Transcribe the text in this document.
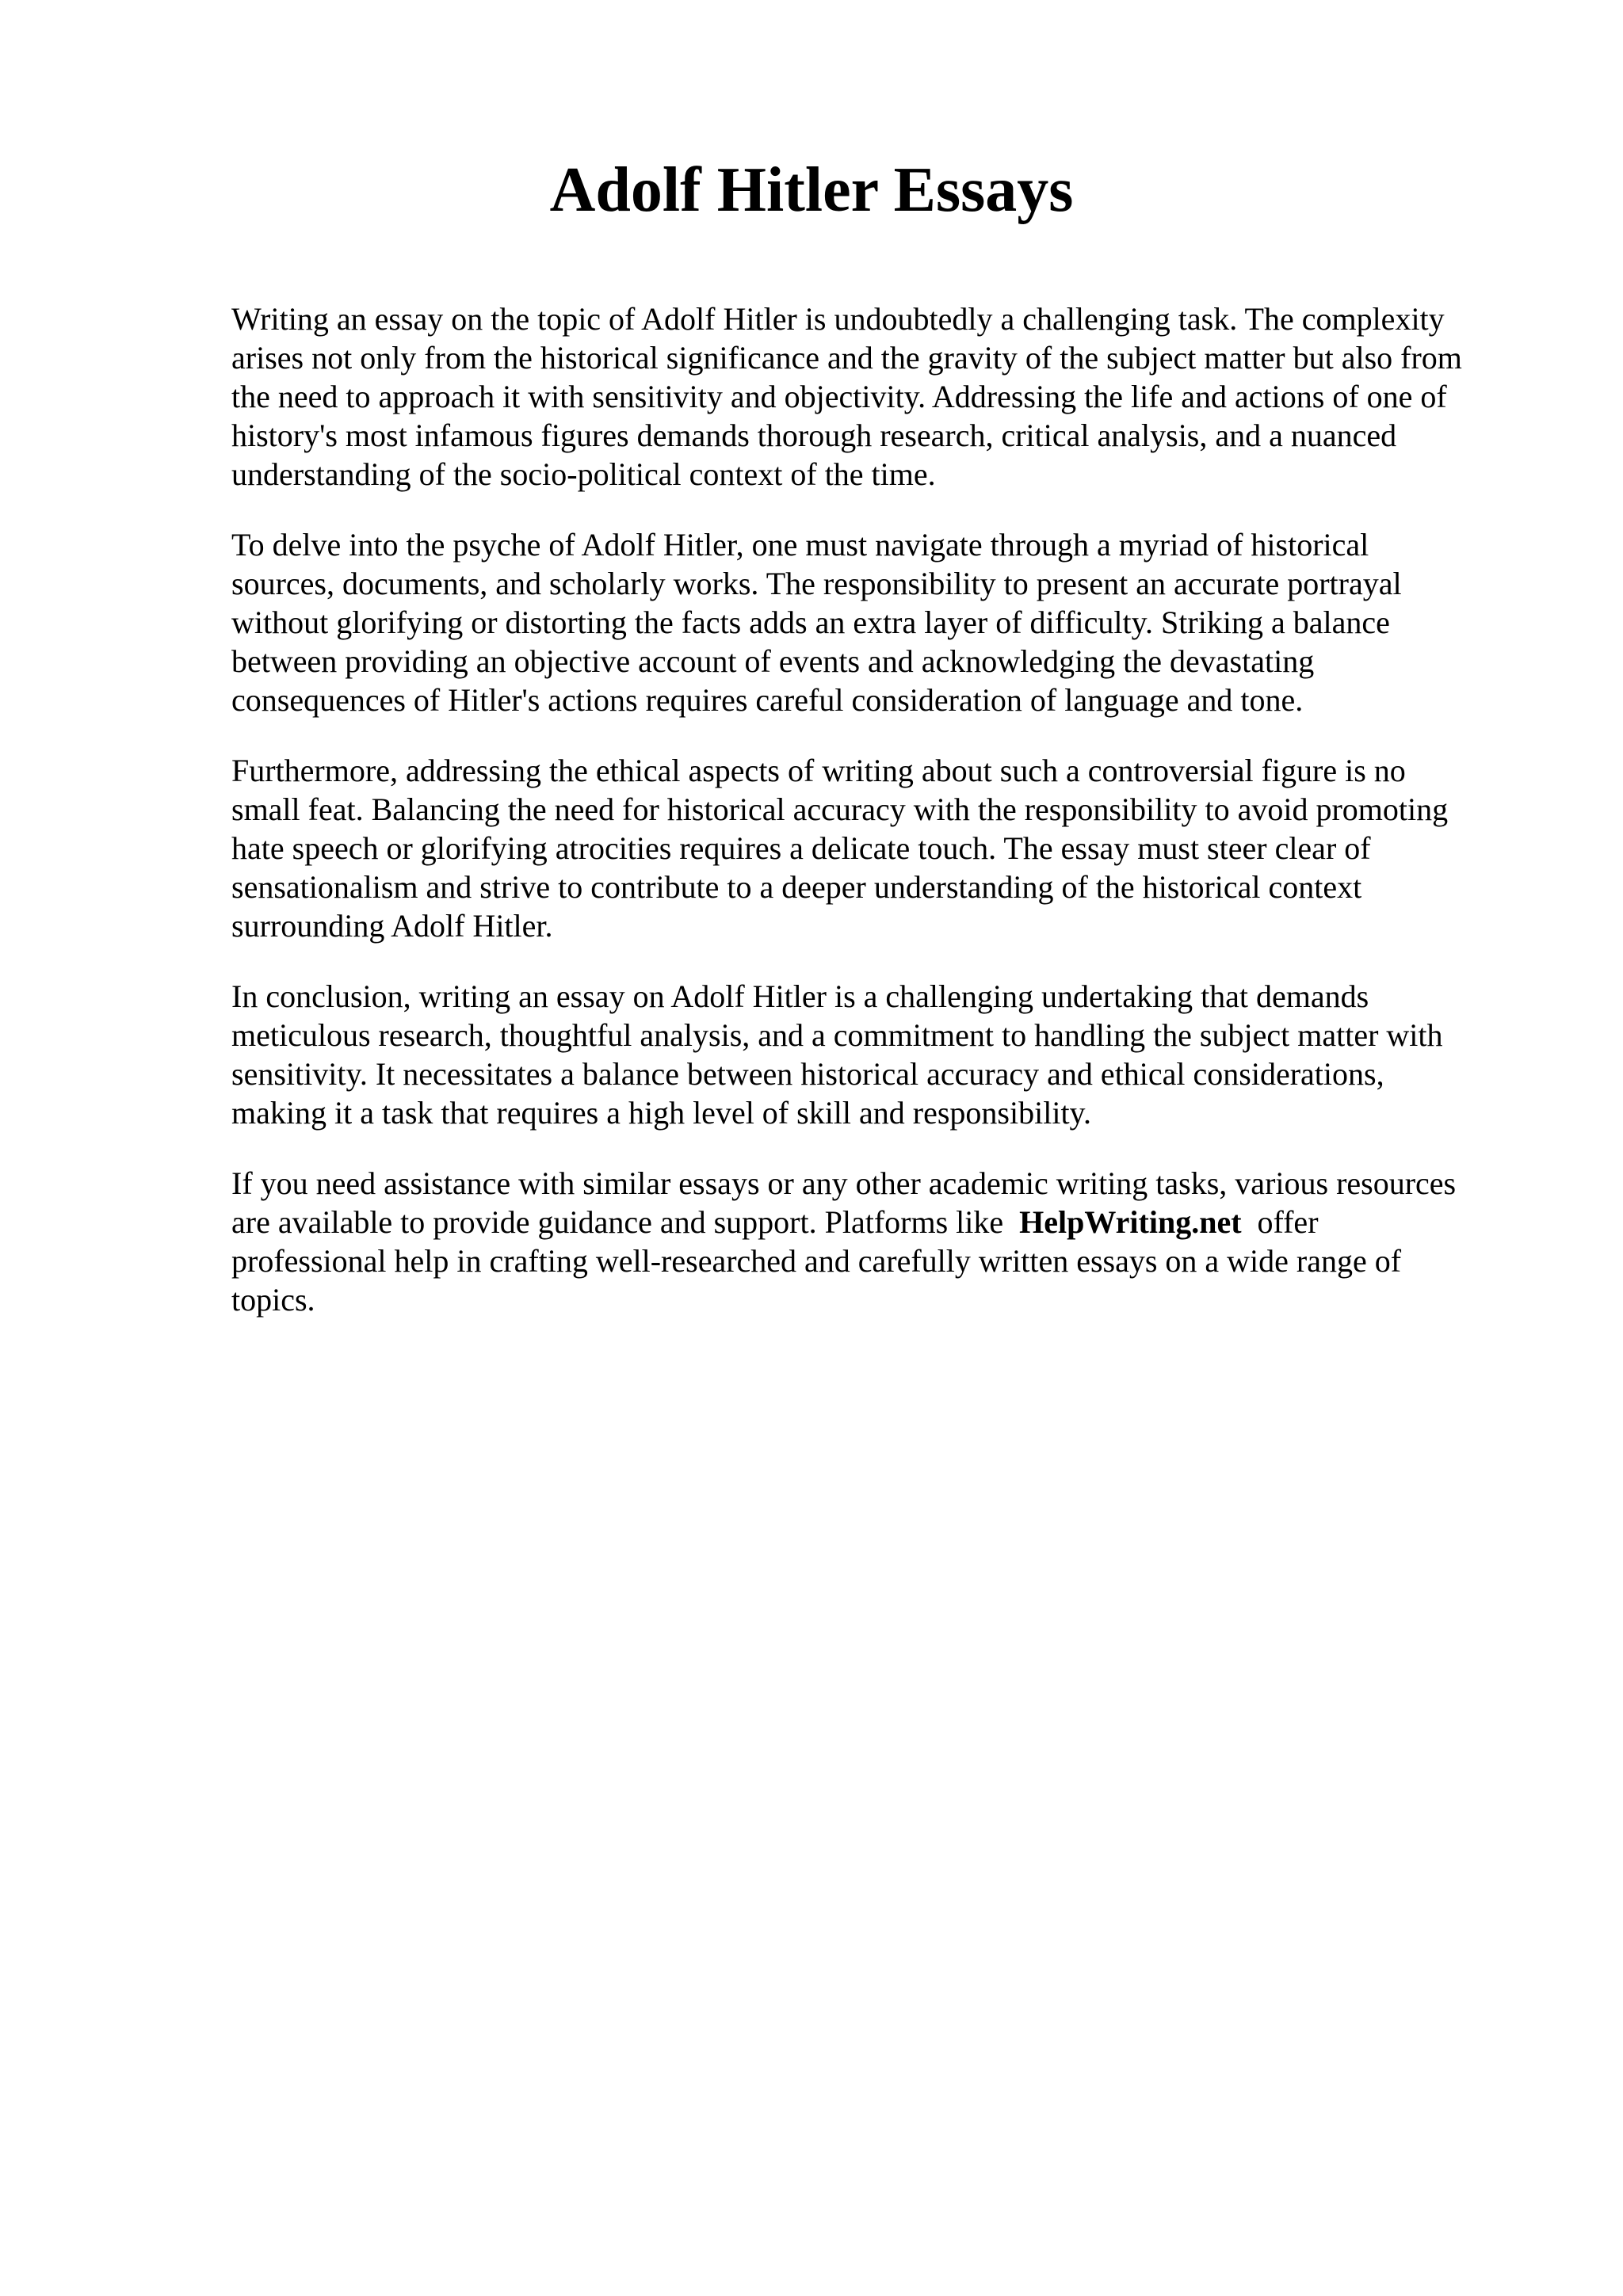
Adolf Hitler Essays

Writing an essay on the topic of Adolf Hitler is undoubtedly a challenging task. The complexity
arises not only from the historical significance and the gravity of the subject matter but also from
the need to approach it with sensitivity and objectivity. Addressing the life and actions of one of
history's most infamous figures demands thorough research, critical analysis, and a nuanced
understanding of the socio-political context of the time.

To delve into the psyche of Adolf Hitler, one must navigate through a myriad of historical
sources, documents, and scholarly works. The responsibility to present an accurate portrayal
without glorifying or distorting the facts adds an extra layer of difficulty. Striking a balance
between providing an objective account of events and acknowledging the devastating
consequences of Hitler's actions requires careful consideration of language and tone.

Furthermore, addressing the ethical aspects of writing about such a controversial figure is no
small feat. Balancing the need for historical accuracy with the responsibility to avoid promoting
hate speech or glorifying atrocities requires a delicate touch. The essay must steer clear of
sensationalism and strive to contribute to a deeper understanding of the historical context
surrounding Adolf Hitler.

In conclusion, writing an essay on Adolf Hitler is a challenging undertaking that demands
meticulous research, thoughtful analysis, and a commitment to handling the subject matter with
sensitivity. It necessitates a balance between historical accuracy and ethical considerations,
making it a task that requires a high level of skill and responsibility.

If you need assistance with similar essays or any other academic writing tasks, various resources
are available to provide guidance and support. Platforms like HelpWriting.net offer
professional help in crafting well-researched and carefully written essays on a wide range of
topics.
